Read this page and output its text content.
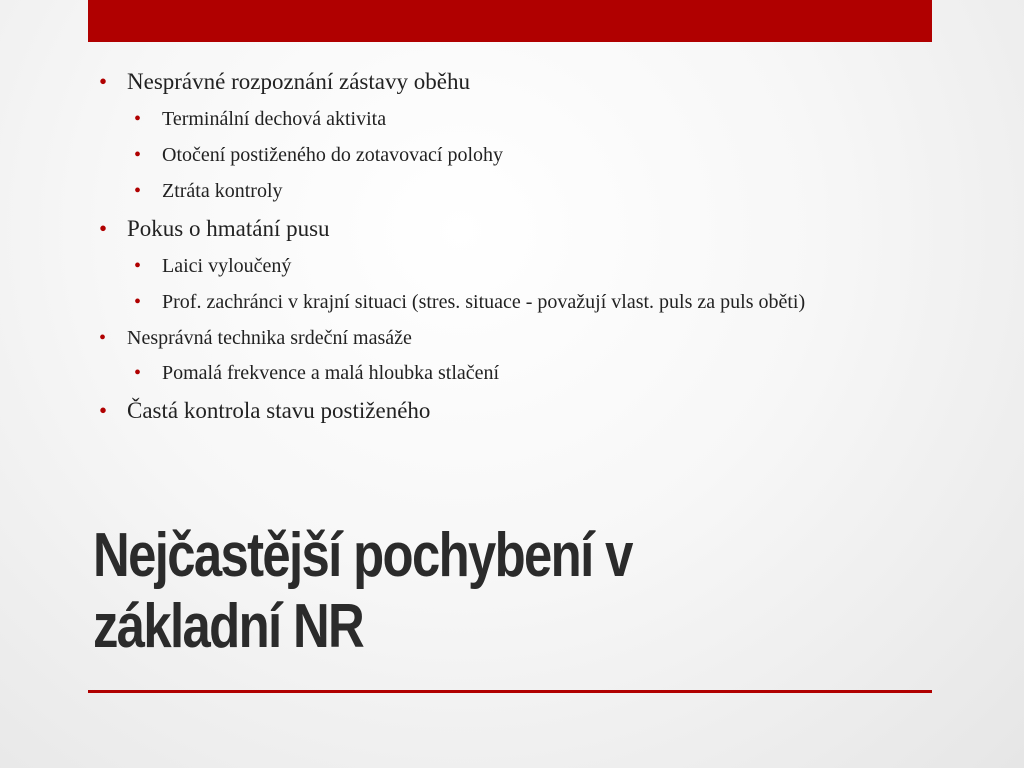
• Nesprávné rozpoznání zástavy oběhu
• Terminální dechová aktivita
• Otočení postiženého do zotavovací polohy
• Ztráta kontroly
• Pokus o hmatání pusu
• Laici vyloučený
• Prof. zachránci v krajní situaci (stres. situace - považují vlast. puls za puls oběti)
• Nesprávná technika srdeční masáže
• Pomalá frekvence a malá hloubka stlačení
• Častá kontrola stavu postiženého
Nejčastější pochybení v
základní NR
